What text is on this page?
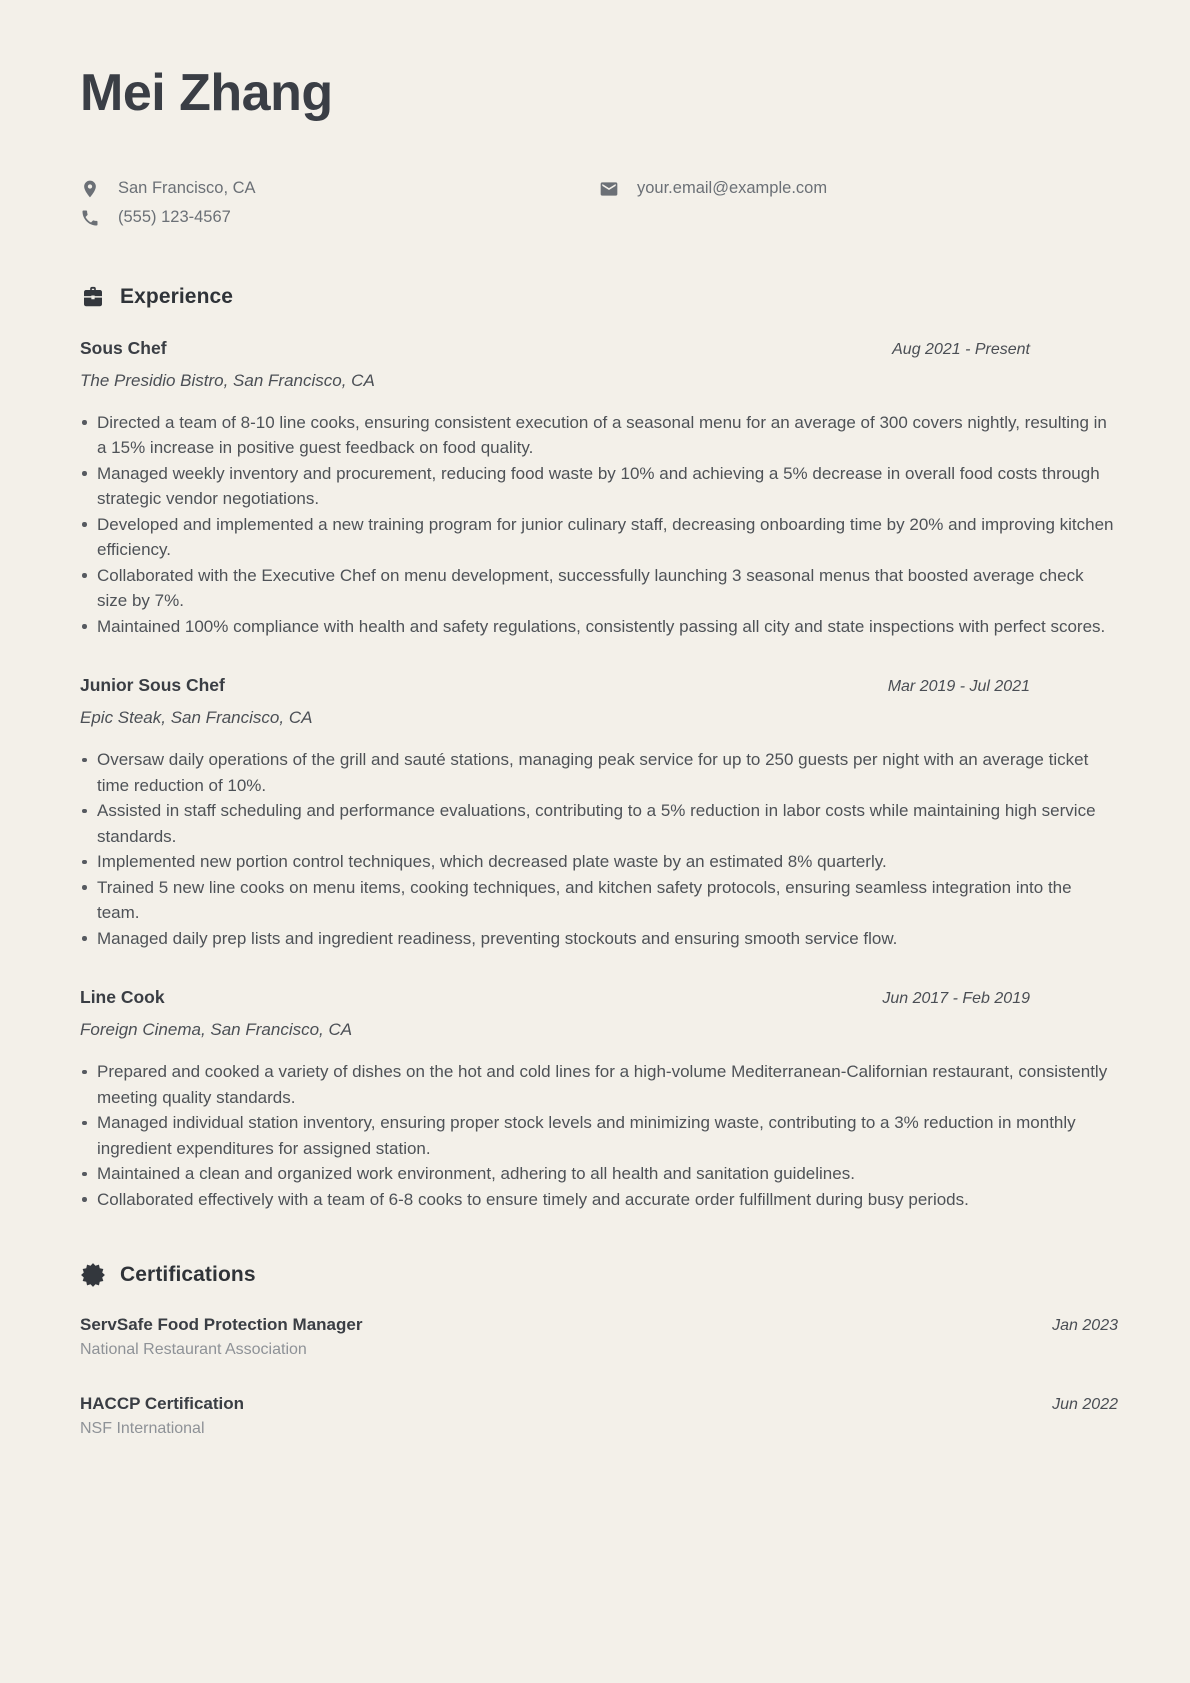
Mei Zhang
San Francisco, CA	your.email@example.com
(555) 123-4567
Experience
Sous Chef	Aug 2021 - Present
The Presidio Bistro, San Francisco, CA
Directed a team of 8-10 line cooks, ensuring consistent execution of a seasonal menu for an average of 300 covers nightly, resulting in a 15% increase in positive guest feedback on food quality.
Managed weekly inventory and procurement, reducing food waste by 10% and achieving a 5% decrease in overall food costs through strategic vendor negotiations.
Developed and implemented a new training program for junior culinary staff, decreasing onboarding time by 20% and improving kitchen efficiency.
Collaborated with the Executive Chef on menu development, successfully launching 3 seasonal menus that boosted average check size by 7%.
Maintained 100% compliance with health and safety regulations, consistently passing all city and state inspections with perfect scores.
Junior Sous Chef	Mar 2019 - Jul 2021
Epic Steak, San Francisco, CA
Oversaw daily operations of the grill and sauté stations, managing peak service for up to 250 guests per night with an average ticket time reduction of 10%.
Assisted in staff scheduling and performance evaluations, contributing to a 5% reduction in labor costs while maintaining high service standards.
Implemented new portion control techniques, which decreased plate waste by an estimated 8% quarterly.
Trained 5 new line cooks on menu items, cooking techniques, and kitchen safety protocols, ensuring seamless integration into the team.
Managed daily prep lists and ingredient readiness, preventing stockouts and ensuring smooth service flow.
Line Cook	Jun 2017 - Feb 2019
Foreign Cinema, San Francisco, CA
Prepared and cooked a variety of dishes on the hot and cold lines for a high-volume Mediterranean-Californian restaurant, consistently meeting quality standards.
Managed individual station inventory, ensuring proper stock levels and minimizing waste, contributing to a 3% reduction in monthly ingredient expenditures for assigned station.
Maintained a clean and organized work environment, adhering to all health and sanitation guidelines.
Collaborated effectively with a team of 6-8 cooks to ensure timely and accurate order fulfillment during busy periods.
Certifications
ServSafe Food Protection Manager	Jan 2023
National Restaurant Association
HACCP Certification	Jun 2022
NSF International
